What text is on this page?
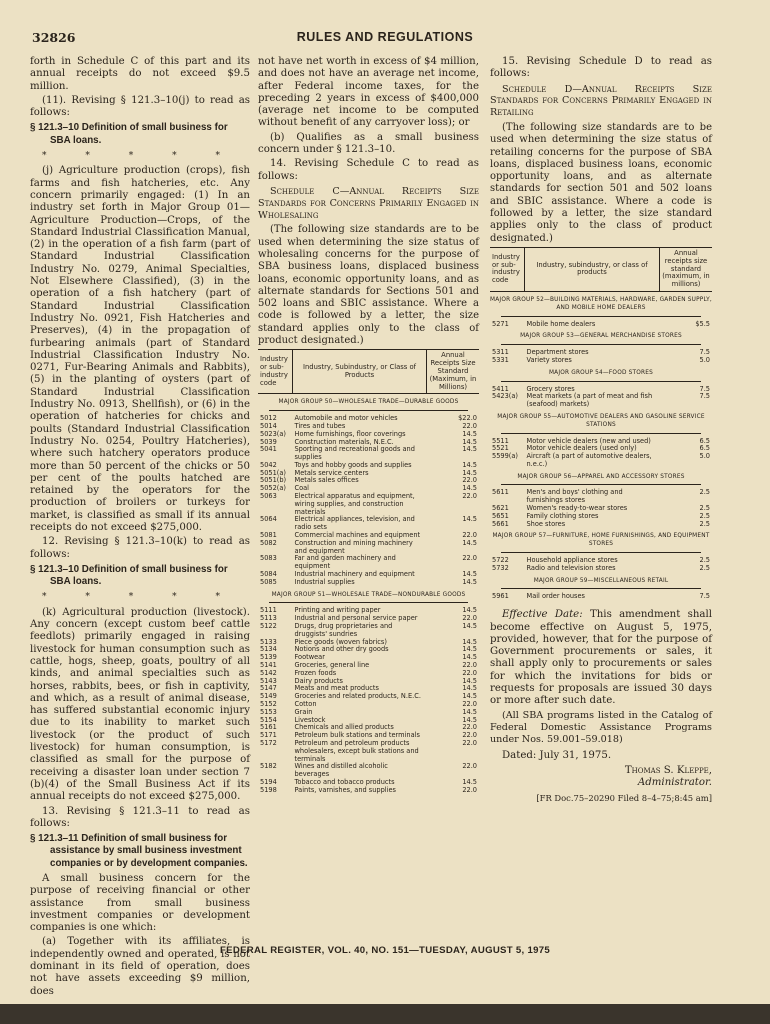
32826	RULES AND REGULATIONS

forth in Schedule C of this part and its annual receipts do not exceed $9.5 million.

(11). Revising § 121.3–10(j) to read as follows:

§ 121.3–10 Definition of small business for SBA loans.
* * * * *

(j) Agriculture production (crops), fish farms and fish hatcheries, etc. Any concern primarily engaged: (1) In an industry set forth in Major Group 01—Agriculture Production—Crops, of the Standard Industrial Classification Manual, (2) in the operation of a fish farm (part of Standard Industrial Classification Industry No. 0279, Animal Specialties, Not Elsewhere Classified), (3) in the operation of a fish hatchery (part of Standard Industrial Classification Industry No. 0921, Fish Hatcheries and Preserves), (4) in the propagation of furbearing animals (part of Standard Industrial Classification Industry No. 0271, Fur-Bearing Animals and Rabbits), (5) in the planting of oysters (part of Standard Industrial Classification Industry No. 0913, Shellfish), or (6) in the operation of hatcheries for chicks and poults (Standard Industrial Classification Industry No. 0254, Poultry Hatcheries), where such hatchery operators produce more than 50 percent of the chicks or 50 per cent of the poults hatched are retained by the operators for the production of broilers or turkeys for market, is classified as small if its annual receipts do not exceed $275,000.

12. Revising § 121.3–10(k) to read as follows:

§ 121.3–10 Definition of small business for SBA loans.
* * * * *

(k) Agricultural production (livestock). Any concern (except custom beef cattle feedlots) primarily engaged in raising livestock for human consumption such as cattle, hogs, sheep, goats, poultry of all kinds, and animal specialties such as horses, rabbits, bees, or fish in captivity, and which, as a result of animal disease, has suffered substantial economic injury due to its inability to market such livestock (or the product of such livestock) for human consumption, is classified as small for the purpose of receiving a disaster loan under section 7 (b)(4) of the Small Business Act if its annual receipts do not exceed $275,000.

13. Revising § 121.3–11 to read as follows:

§ 121.3–11 Definition of small business for assistance by small business investment companies or by development companies.

A small business concern for the purpose of receiving financial or other assistance from small business investment companies or development companies is one which:

(a) Together with its affiliates, is independently owned and operated, is not dominant in its field of operation, does not have assets exceeding $9 million, does

not have net worth in excess of $4 million, and does not have an average net income, after Federal income taxes, for the preceding 2 years in excess of $400,000 (average net income to be computed without benefit of any carryover loss); or

(b) Qualifies as a small business concern under § 121.3–10.

14. Revising Schedule C to read as follows:

Schedule C—Annual Receipts Size Standards for Concerns Primarily Engaged in Wholesaling

(The following size standards are to be used when determining the size status of wholesaling concerns for the purpose of SBA business loans, displaced business loans, economic opportunity loans, and as alternate standards for Sections 501 and 502 loans and SBIC assistance. Where a code is followed by a letter, the size standard applies only to the class of product designated.)

Industry or sub-industry code	Industry, Subindustry, or Class of Products	Annual Receipts Size Standard (Maximum, in Millions)
MAJOR GROUP 50—WHOLESALE TRADE—DURABLE GOODS		

5012	Automobile and motor vehicles	$22.0
5014	Tires and tubes	22.0
5023(a)	Home furnishings, floor coverings	14.5
5039	Construction materials, N.E.C.	14.5
5041	Sporting and recreational goods and supplies	14.5
5042	Toys and hobby goods and supplies	14.5
5051(a)	Metals service centers	14.5
5051(b)	Metals sales offices	22.0
5052(a)	Coal	14.5
5063	Electrical apparatus and equipment, wiring supplies, and construction materials	22.0
5064	Electrical appliances, television, and radio sets	14.5
5081	Commercial machines and equipment	22.0
5082	Construction and mining machinery and equipment	14.5
5083	Far and garden machinery and equipment	22.0
5084	Industrial machinery and equipment	14.5
5085	Industrial supplies	14.5
MAJOR GROUP 51—WHOLESALE TRADE—NONDURABLE GOODS		

5111	Printing and writing paper	14.5
5113	Industrial and personal service paper	22.0
5122	Drugs, drug proprietaries and druggists' sundries	14.5
5133	Piece goods (woven fabrics)	14.5
5134	Notions and other dry goods	14.5
5139	Footwear	14.5
5141	Groceries, general line	22.0
5142	Frozen foods	22.0
5143	Dairy products	14.5
5147	Meats and meat products	14.5
5149	Groceries and related products, N.E.C.	14.5
5152	Cotton	22.0
5153	Grain	14.5
5154	Livestock	14.5
5161	Chemicals and allied products	22.0
5171	Petroleum bulk stations and terminals	22.0
5172	Petroleum and petroleum products wholesalers, except bulk stations and terminals	22.0
5182	Wines and distilled alcoholic beverages	22.0
5194	Tobacco and tobacco products	14.5
5198	Paints, varnishes, and supplies	22.0

15. Revising Schedule D to read as follows:

Schedule D—Annual Receipts Size Standards for Concerns Primarily Engaged in Retailing

(The following size standards are to be used when determining the size status of retailing concerns for the purpose of SBA loans, displaced business loans, economic opportunity loans, and as alternate standards for section 501 and 502 loans and SBIC assistance. Where a code is followed by a letter, the size standard applies only to the class of product designated.)

Industry or sub-industry code	Industry, subindustry, or class of products	Annual receipts size standard (maximum, in millions)
MAJOR GROUP 52—BUILDING MATERIALS, HARDWARE, GARDEN SUPPLY, AND MOBILE HOME DEALERS		

5271	Mobile home dealers	$5.5
MAJOR GROUP 53—GENERAL MERCHANDISE STORES		

5311	Department stores	7.5
5331	Variety stores	5.0
MAJOR GROUP 54—FOOD STORES		

5411	Grocery stores	7.5
5423(a)	Meat markets (a part of meat and fish (seafood) markets)	7.5
MAJOR GROUP 55—AUTOMOTIVE DEALERS AND GASOLINE SERVICE STATIONS		

5511	Motor vehicle dealers (new and used)	6.5
5521	Motor vehicle dealers (used only)	6.5
5599(a)	Aircraft (a part of automotive dealers, n.e.c.)	5.0
MAJOR GROUP 56—APPAREL AND ACCESSORY STORES		

5611	Men's and boys' clothing and furnishings stores	2.5
5621	Women's ready-to-wear stores	2.5
5651	Family clothing stores	2.5
5661	Shoe stores	2.5
MAJOR GROUP 57—FURNITURE, HOME FURNISHINGS, AND EQUIPMENT STORES		

5722	Household appliance stores	2.5
5732	Radio and television stores	2.5
MAJOR GROUP 59—MISCELLANEOUS RETAIL		

5961	Mail order houses	7.5

Effective Date: This amendment shall become effective on August 5, 1975, provided, however, that for the purpose of Government procurements or sales, it shall apply only to procurements or sales for which the invitations for bids or requests for proposals are issued 30 days or more after such date.

(All SBA programs listed in the Catalog of Federal Domestic Assistance Programs under Nos. 59.001–59.018)

Dated: July 31, 1975.

Thomas S. Kleppe,
Administrator.
[FR Doc.75–20290 Filed 8–4–75;8:45 am]
FEDERAL REGISTER, VOL. 40, NO. 151—TUESDAY, AUGUST 5, 1975
